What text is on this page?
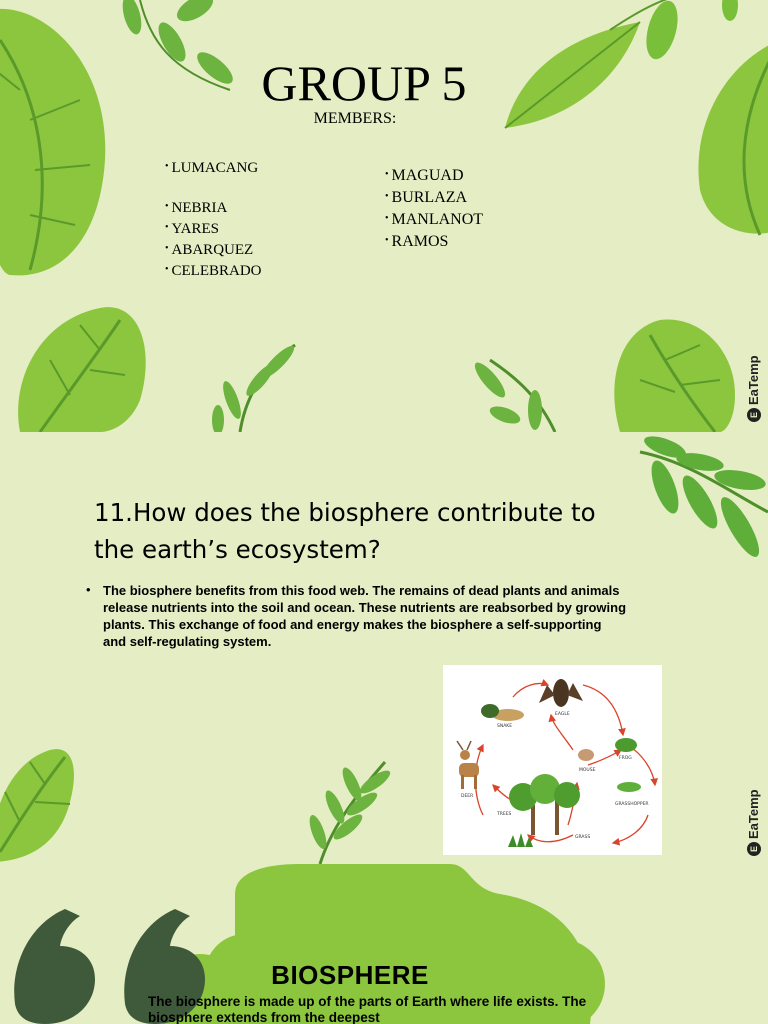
GROUP 5
MEMBERS:
• LUMACANG
• NEBRIA
• YARES
• ABARQUEZ
• CELEBRADO
• MAGUAD
• BURLAZA
• MANLANOT
• RAMOS
EEaTemp
11.How does the biosphere contribute to the earth’s ecosystem?
• The biosphere benefits from this food web. The remains of dead plants and animals release nutrients into the soil and ocean. These nutrients are reabsorbed by growing plants. This exchange of food and energy makes the biosphere a self-supporting and self-regulating system.

EAGLE
SNAKE
FROG
MOUSE
DEER
GRASSHOPPER
TREES
GRASS
EEaTemp
BIOSPHERE

The biosphere is made up of the parts of Earth where life exists. The biosphere extends from the deepest
